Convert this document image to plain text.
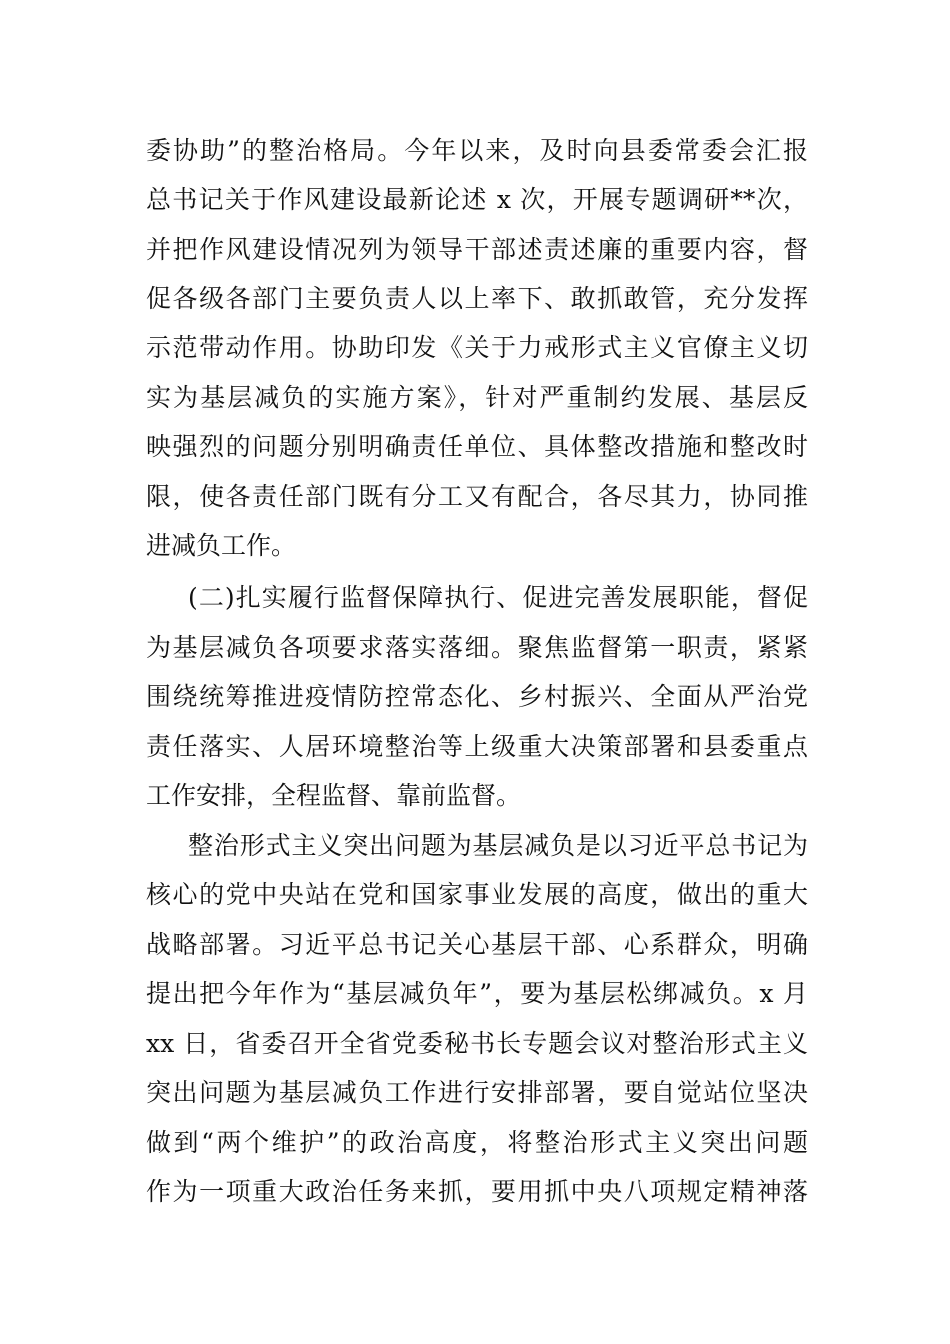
委协助”的整治格局。今年以来，及时向县委常委会汇报
总书记关于作风建设最新论述 x 次，开展专题调研**次，
并把作风建设情况列为领导干部述责述廉的重要内容，督
促各级各部门主要负责人以上率下、敢抓敢管，充分发挥
示范带动作用。协助印发《关于力戒形式主义官僚主义切
实为基层减负的实施方案》，针对严重制约发展、基层反
映强烈的问题分别明确责任单位、具体整改措施和整改时
限，使各责任部门既有分工又有配合，各尽其力，协同推
进减负工作。
(二)扎实履行监督保障执行、促进完善发展职能，督促
为基层减负各项要求落实落细。聚焦监督第一职责，紧紧
围绕统筹推进疫情防控常态化、乡村振兴、全面从严治党
责任落实、人居环境整治等上级重大决策部署和县委重点
工作安排，全程监督、靠前监督。
整治形式主义突出问题为基层减负是以习近平总书记为
核心的党中央站在党和国家事业发展的高度，做出的重大
战略部署。习近平总书记关心基层干部、心系群众，明确
提出把今年作为“基层减负年”，要为基层松绑减负。x 月
xx 日，省委召开全省党委秘书长专题会议对整治形式主义
突出问题为基层减负工作进行安排部署，要自觉站位坚决
做到“两个维护”的政治高度，将整治形式主义突出问题
作为一项重大政治任务来抓，要用抓中央八项规定精神落
